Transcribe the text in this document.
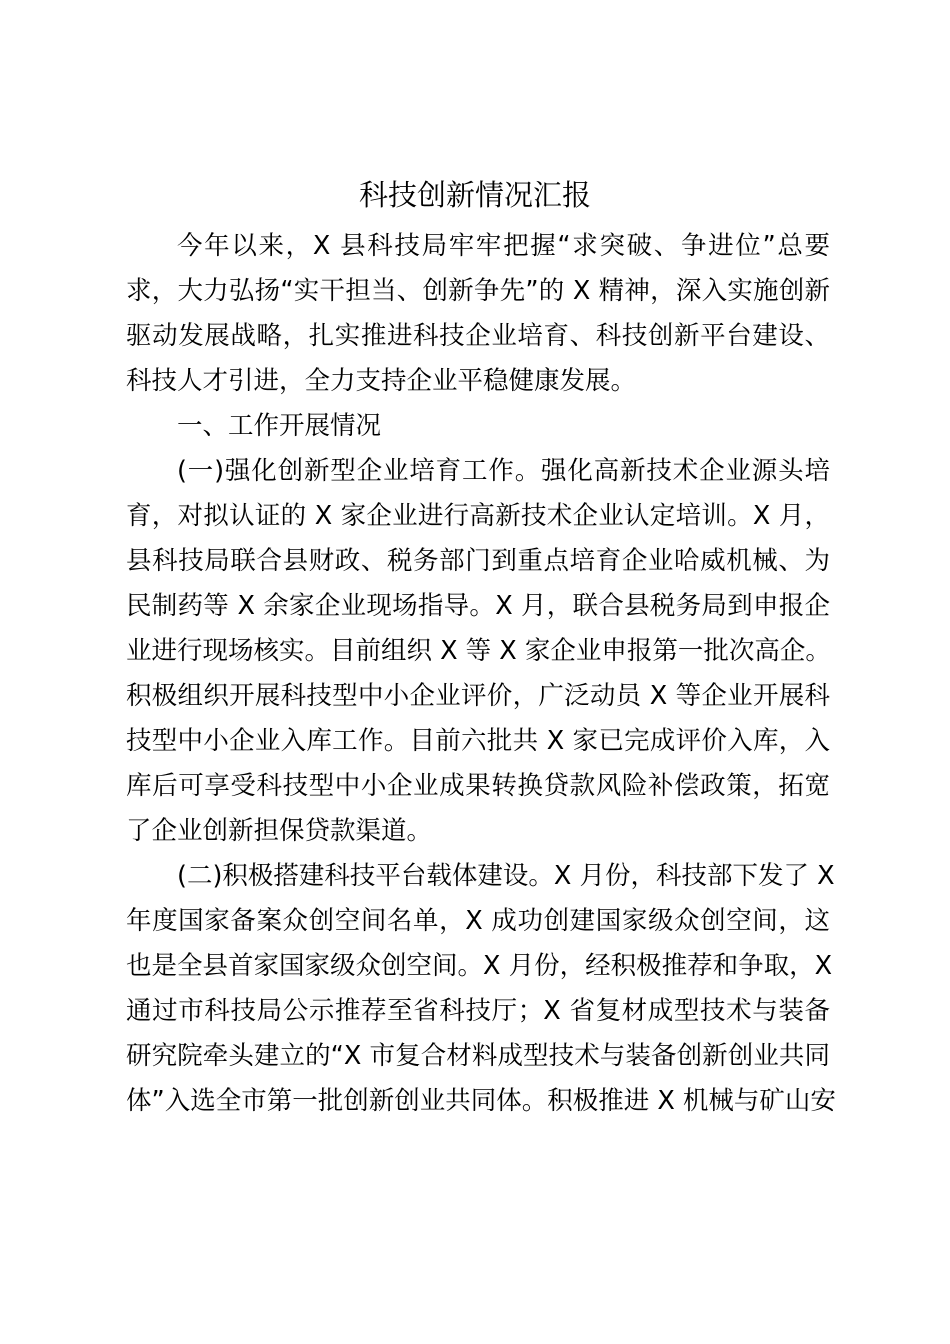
科技创新情况汇报
今年以来，X 县科技局牢牢把握“求突破、争进位”总要
求，大力弘扬“实干担当、创新争先”的 X 精神，深入实施创新
驱动发展战略，扎实推进科技企业培育、科技创新平台建设、
科技人才引进，全力支持企业平稳健康发展。
一、工作开展情况
(一)强化创新型企业培育工作。强化高新技术企业源头培
育，对拟认证的 X 家企业进行高新技术企业认定培训。X 月，
县科技局联合县财政、税务部门到重点培育企业哈威机械、为
民制药等 X 余家企业现场指导。X 月，联合县税务局到申报企
业进行现场核实。目前组织 X 等 X 家企业申报第一批次高企。
积极组织开展科技型中小企业评价，广泛动员 X 等企业开展科
技型中小企业入库工作。目前六批共 X 家已完成评价入库，入
库后可享受科技型中小企业成果转换贷款风险补偿政策，拓宽
了企业创新担保贷款渠道。
(二)积极搭建科技平台载体建设。X 月份，科技部下发了 X
年度国家备案众创空间名单，X 成功创建国家级众创空间，这
也是全县首家国家级众创空间。X 月份，经积极推荐和争取，X
通过市科技局公示推荐至省科技厅；X 省复材成型技术与装备
研究院牵头建立的“X 市复合材料成型技术与装备创新创业共同
体”入选全市第一批创新创业共同体。积极推进 X 机械与矿山安
